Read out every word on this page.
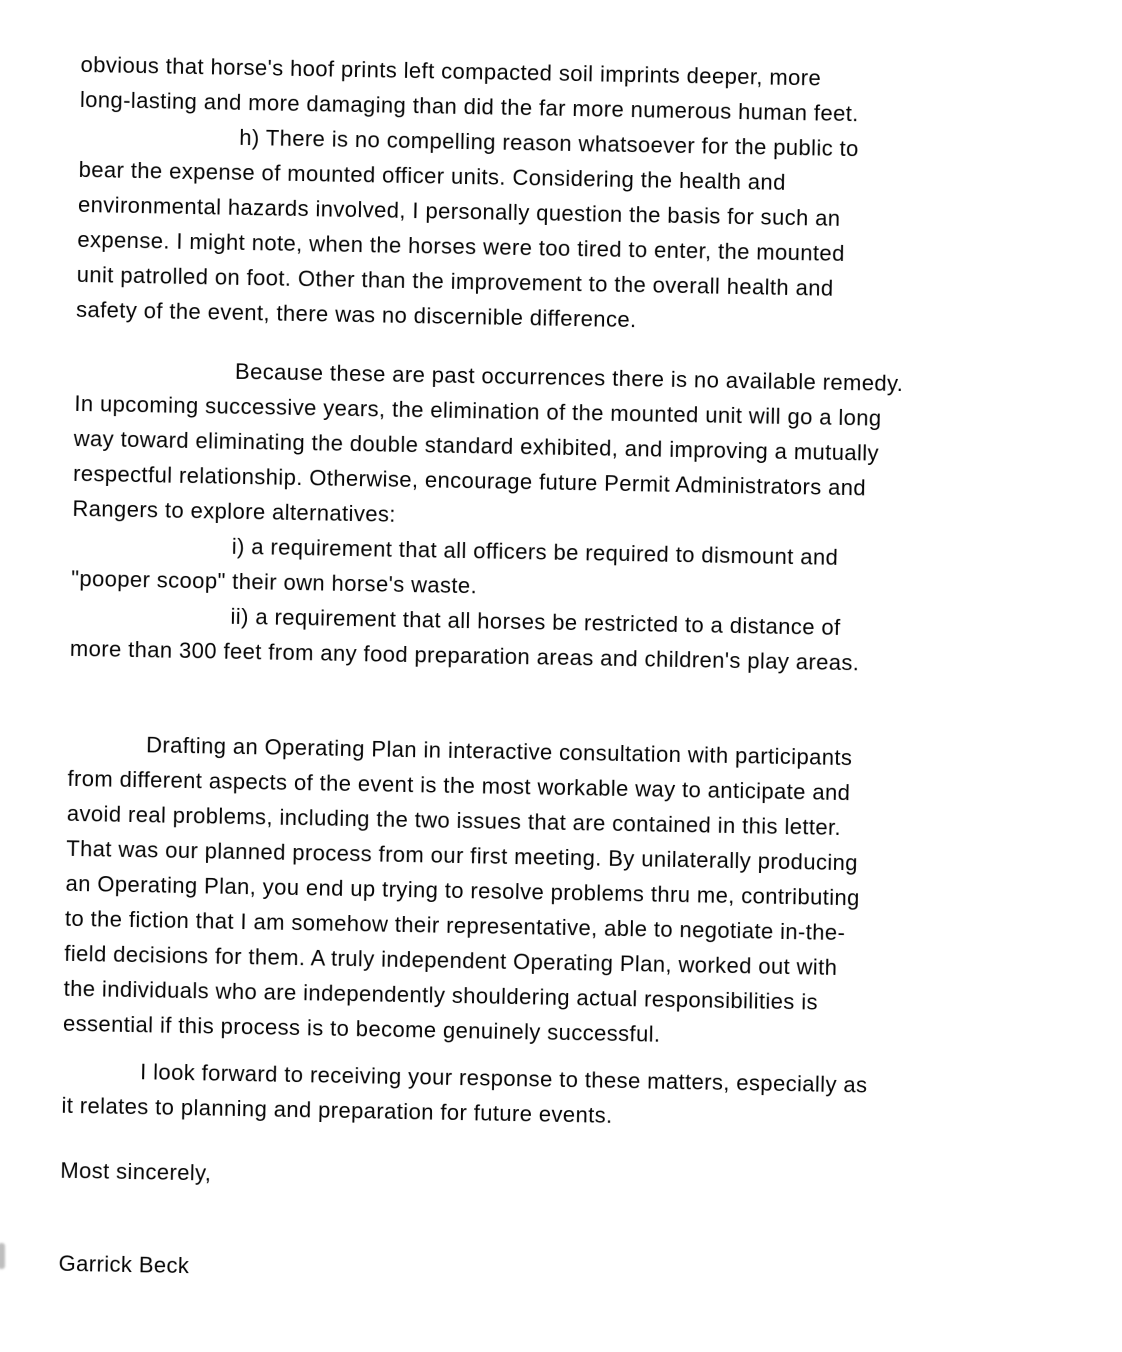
obvious that horse's hoof prints left compacted soil imprints deeper, more
long-lasting and more damaging than did the far more numerous human feet.
h) There is no compelling reason whatsoever for the public to
bear the expense of mounted officer units. Considering the health and
environmental hazards involved, I personally question the basis for such an
expense. I might note, when the horses were too tired to enter, the mounted
unit patrolled on foot. Other than the improvement to the overall health and
safety of the event, there was no discernible difference.
Because these are past occurrences there is no available remedy.
In upcoming successive years, the elimination of the mounted unit will go a long
way toward eliminating the double standard exhibited, and improving a mutually
respectful relationship. Otherwise, encourage future Permit Administrators and
Rangers to explore alternatives:
i) a requirement that all officers be required to dismount and
"pooper scoop" their own horse's waste.
ii) a requirement that all horses be restricted to a distance of
more than 300 feet from any food preparation areas and children's play areas.
Drafting an Operating Plan in interactive consultation with participants
from different aspects of the event is the most workable way to anticipate and
avoid real problems, including the two issues that are contained in this letter.
That was our planned process from our first meeting. By unilaterally producing
an Operating Plan, you end up trying to resolve problems thru me, contributing
to the fiction that I am somehow their representative, able to negotiate in-the-
field decisions for them. A truly independent Operating Plan, worked out with
the individuals who are independently shouldering actual responsibilities is
essential if this process is to become genuinely successful.
I look forward to receiving your response to these matters, especially as
it relates to planning and preparation for future events.
Most sincerely,
Garrick Beck
